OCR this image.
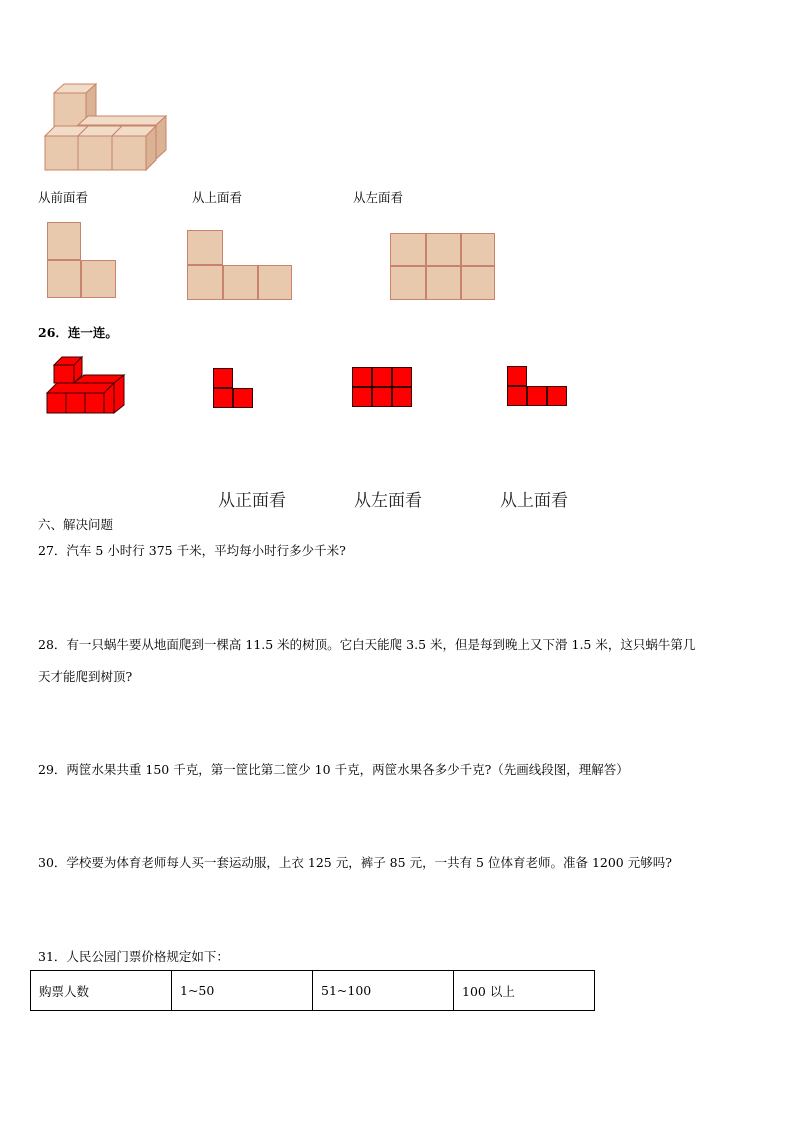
从前面看	从上面看	从左面看
26．连一连。
从正面看	从左面看	从上面看
六、解决问题
27．汽车 5 小时行 375 千米，平均每小时行多少千米?
28．有一只蜗牛要从地面爬到一棵高 11.5 米的树顶。它白天能爬 3.5 米，但是每到晚上又下滑 1.5 米，这只蜗牛第几
天才能爬到树顶?
29．两筐水果共重 150 千克，第一筐比第二筐少 10 千克，两筐水果各多少千克?（先画线段图，理解答）
30．学校要为体育老师每人买一套运动服，上衣 125 元，裤子 85 元，一共有 5 位体育老师。准备 1200 元够吗?
31．人民公园门票价格规定如下：
购票人数	1~50	51~100	100 以上
